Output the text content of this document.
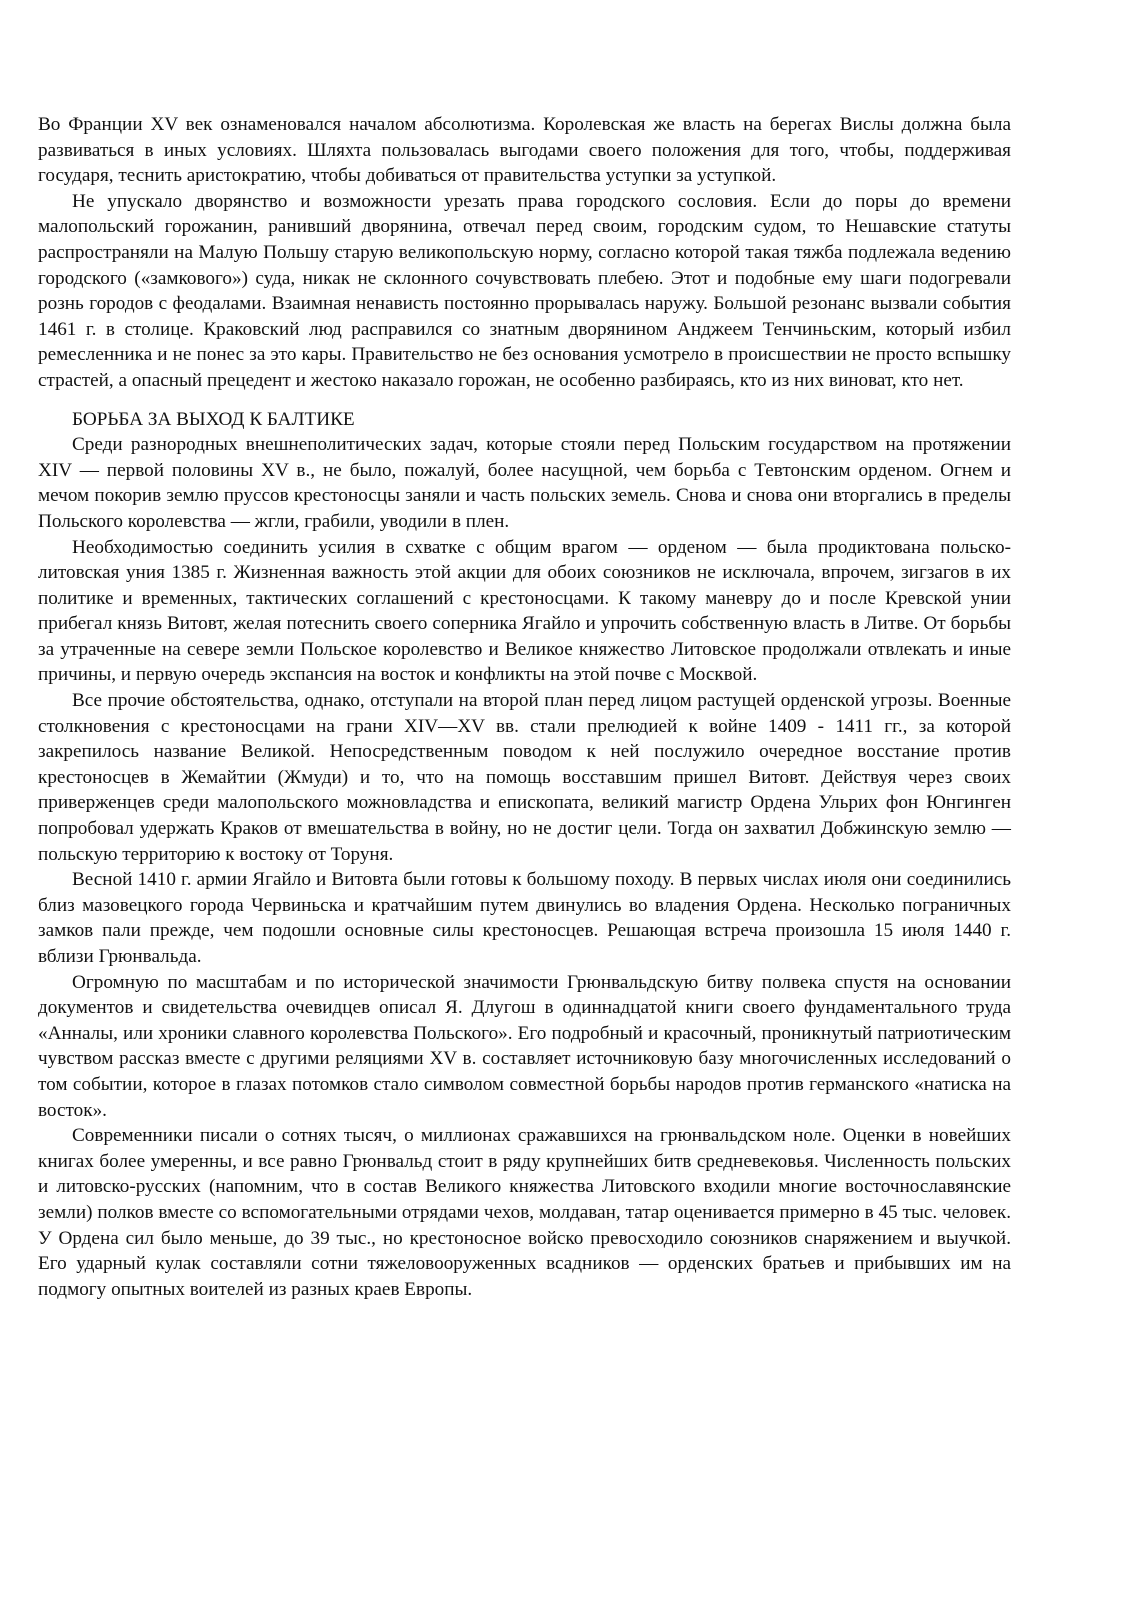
Во Франции XV век ознаменовался началом абсолютизма. Королевская же власть на берегах Вислы должна была развиваться в иных условиях. Шляхта пользовалась выгодами своего положения для того, чтобы, поддерживая государя, теснить аристократию, чтобы добиваться от правительства уступки за уступкой.

Не упускало дворянство и возможности урезать права городского сословия. Если до поры до времени малопольский горожанин, ранивший дворянина, отвечал перед своим, городским судом, то Нешавские статуты распространяли на Малую Польшу старую великопольскую норму, согласно которой такая тяжба подлежала ведению городского («замкового») суда, никак не склонного сочувствовать плебею. Этот и подобные ему шаги подогревали рознь городов с феодалами. Взаимная ненависть постоянно прорывалась наружу. Большой резонанс вызвали события 1461 г. в столице. Краковский люд расправился со знатным дворянином Анджеем Тенчиньским, который избил ремесленника и не понес за это кары. Правительство не без основания усмотрело в происшествии не просто вспышку страстей, а опасный прецедент и жестоко наказало горожан, не особенно разбираясь, кто из них виноват, кто нет.

БОРЬБА ЗА ВЫХОД К БАЛТИКЕ

Среди разнородных внешнеполитических задач, которые стояли перед Польским государством на протяжении XIV — первой половины XV в., не было, пожалуй, более насущной, чем борьба с Тевтонским орденом. Огнем и мечом покорив землю пруссов крестоносцы заняли и часть польских земель. Снова и снова они вторгались в пределы Польского королевства — жгли, грабили, уводили в плен.

Необходимостью соединить усилия в схватке с общим врагом — орденом — была продиктована польско-литовская уния 1385 г. Жизненная важность этой акции для обоих союзников не исключала, впрочем, зигзагов в их политике и временных, тактических соглашений с крестоносцами. К такому маневру до и после Кревской унии прибегал князь Витовт, желая потеснить своего соперника Ягайло и упрочить собственную власть в Литве. От борьбы за утраченные на севере земли Польское королевство и Великое княжество Литовское продолжали отвлекать и иные причины, и первую очередь экспансия на восток и конфликты на этой почве с Москвой.

Все прочие обстоятельства, однако, отступали на второй план перед лицом растущей орденской угрозы. Военные столкновения с крестоносцами на грани XIV—XV вв. стали прелюдией к войне 1409 - 1411 гг., за которой закрепилось название Великой. Непосредственным поводом к ней послужило очередное восстание против крестоносцев в Жемайтии (Жмуди) и то, что на помощь восставшим пришел Витовт. Действуя через своих приверженцев среди малопольского можновладства и епископата, великий магистр Ордена Ульрих фон Юнгинген попробовал удержать Краков от вмешательства в войну, но не достиг цели. Тогда он захватил Добжинскую землю — польскую территорию к востоку от Торуня.

Весной 1410 г. армии Ягайло и Витовта были готовы к большому походу. В первых числах июля они соединились близ мазовецкого города Червиньска и кратчайшим путем двинулись во владения Ордена. Несколько пограничных замков пали прежде, чем подошли основные силы крестоносцев. Решающая встреча произошла 15 июля 1440 г. вблизи Грюнвальда.

Огромную по масштабам и по исторической значимости Грюнвальдскую битву полвека спустя на основании документов и свидетельства очевидцев описал Я. Длугош в одиннадцатой книги своего фундаментального труда «Анналы, или хроники славного королевства Польского». Его подробный и красочный, проникнутый патриотическим чувством рассказ вместе с другими реляциями XV в. составляет источниковую базу многочисленных исследований о том событии, которое в глазах потомков стало символом совместной борьбы народов против германского «натиска на восток».

Современники писали о сотнях тысяч, о миллионах сражавшихся на грюнвальдском ноле. Оценки в новейших книгах более умеренны, и все равно Грюнвальд стоит в ряду крупнейших битв средневековья. Численность польских и литовско-русских (напомним, что в состав Великого княжества Литовского входили многие восточнославянские земли) полков вместе со вспомогательными отрядами чехов, молдаван, татар оценивается примерно в 45 тыс. человек. У Ордена сил было меньше, до 39 тыс., но крестоносное войско превосходило союзников снаряжением и выучкой. Его ударный кулак составляли сотни тяжеловооруженных всадников — орденских братьев и прибывших им на подмогу опытных воителей из разных краев Европы.
